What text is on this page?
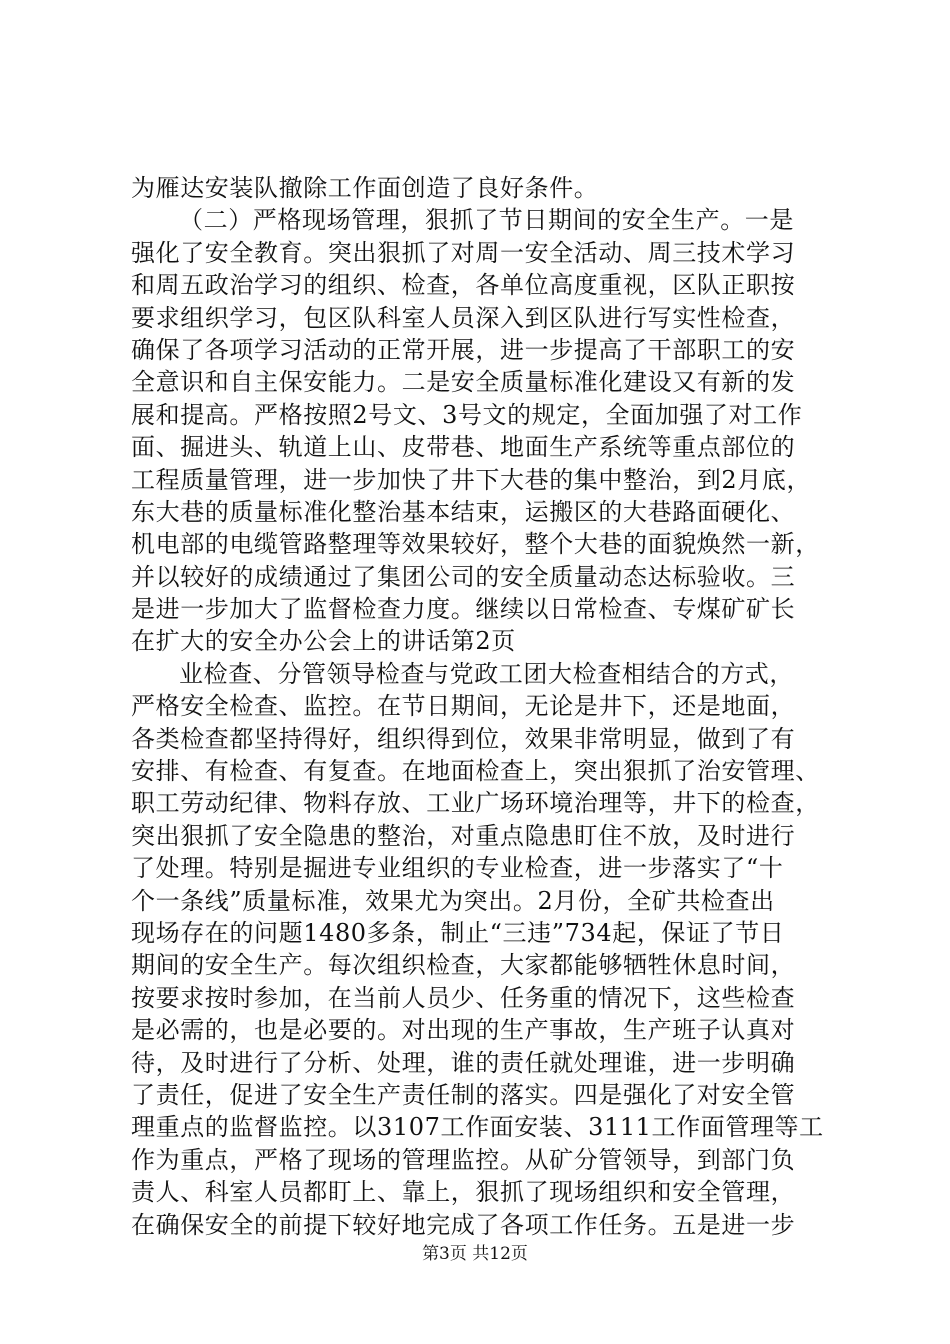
为雁达安装队撤除工作面创造了良好条件。
（二）严格现场管理，狠抓了节日期间的安全生产。一是
强化了安全教育。突出狠抓了对周一安全活动、周三技术学习
和周五政治学习的组织、检查，各单位高度重视，区队正职按
要求组织学习，包区队科室人员深入到区队进行写实性检查，
确保了各项学习活动的正常开展，进一步提高了干部职工的安
全意识和自主保安能力。二是安全质量标准化建设又有新的发
展和提高。严格按照2号文、3号文的规定，全面加强了对工作
面、掘进头、轨道上山、皮带巷、地面生产系统等重点部位的
工程质量管理，进一步加快了井下大巷的集中整治，到2月底，
东大巷的质量标准化整治基本结束，运搬区的大巷路面硬化、
机电部的电缆管路整理等效果较好，整个大巷的面貌焕然一新，
并以较好的成绩通过了集团公司的安全质量动态达标验收。三
是进一步加大了监督检查力度。继续以日常检查、专煤矿矿长
在扩大的安全办公会上的讲话第2页
业检查、分管领导检查与党政工团大检查相结合的方式，
严格安全检查、监控。在节日期间，无论是井下，还是地面，
各类检查都坚持得好，组织得到位，效果非常明显，做到了有
安排、有检查、有复查。在地面检查上，突出狠抓了治安管理、
职工劳动纪律、物料存放、工业广场环境治理等，井下的检查，
突出狠抓了安全隐患的整治，对重点隐患盯住不放，及时进行
了处理。特别是掘进专业组织的专业检查，进一步落实了“十
个一条线”质量标准，效果尤为突出。2月份，全矿共检查出
现场存在的问题1480多条，制止“三违”734起，保证了节日
期间的安全生产。每次组织检查，大家都能够牺牲休息时间，
按要求按时参加，在当前人员少、任务重的情况下，这些检查
是必需的，也是必要的。对出现的生产事故，生产班子认真对
待，及时进行了分析、处理，谁的责任就处理谁，进一步明确
了责任，促进了安全生产责任制的落实。四是强化了对安全管
理重点的监督监控。以3107工作面安装、3111工作面管理等工
作为重点，严格了现场的管理监控。从矿分管领导，到部门负
责人、科室人员都盯上、靠上，狠抓了现场组织和安全管理，
在确保安全的前提下较好地完成了各项工作任务。五是进一步
第3页 共12页
